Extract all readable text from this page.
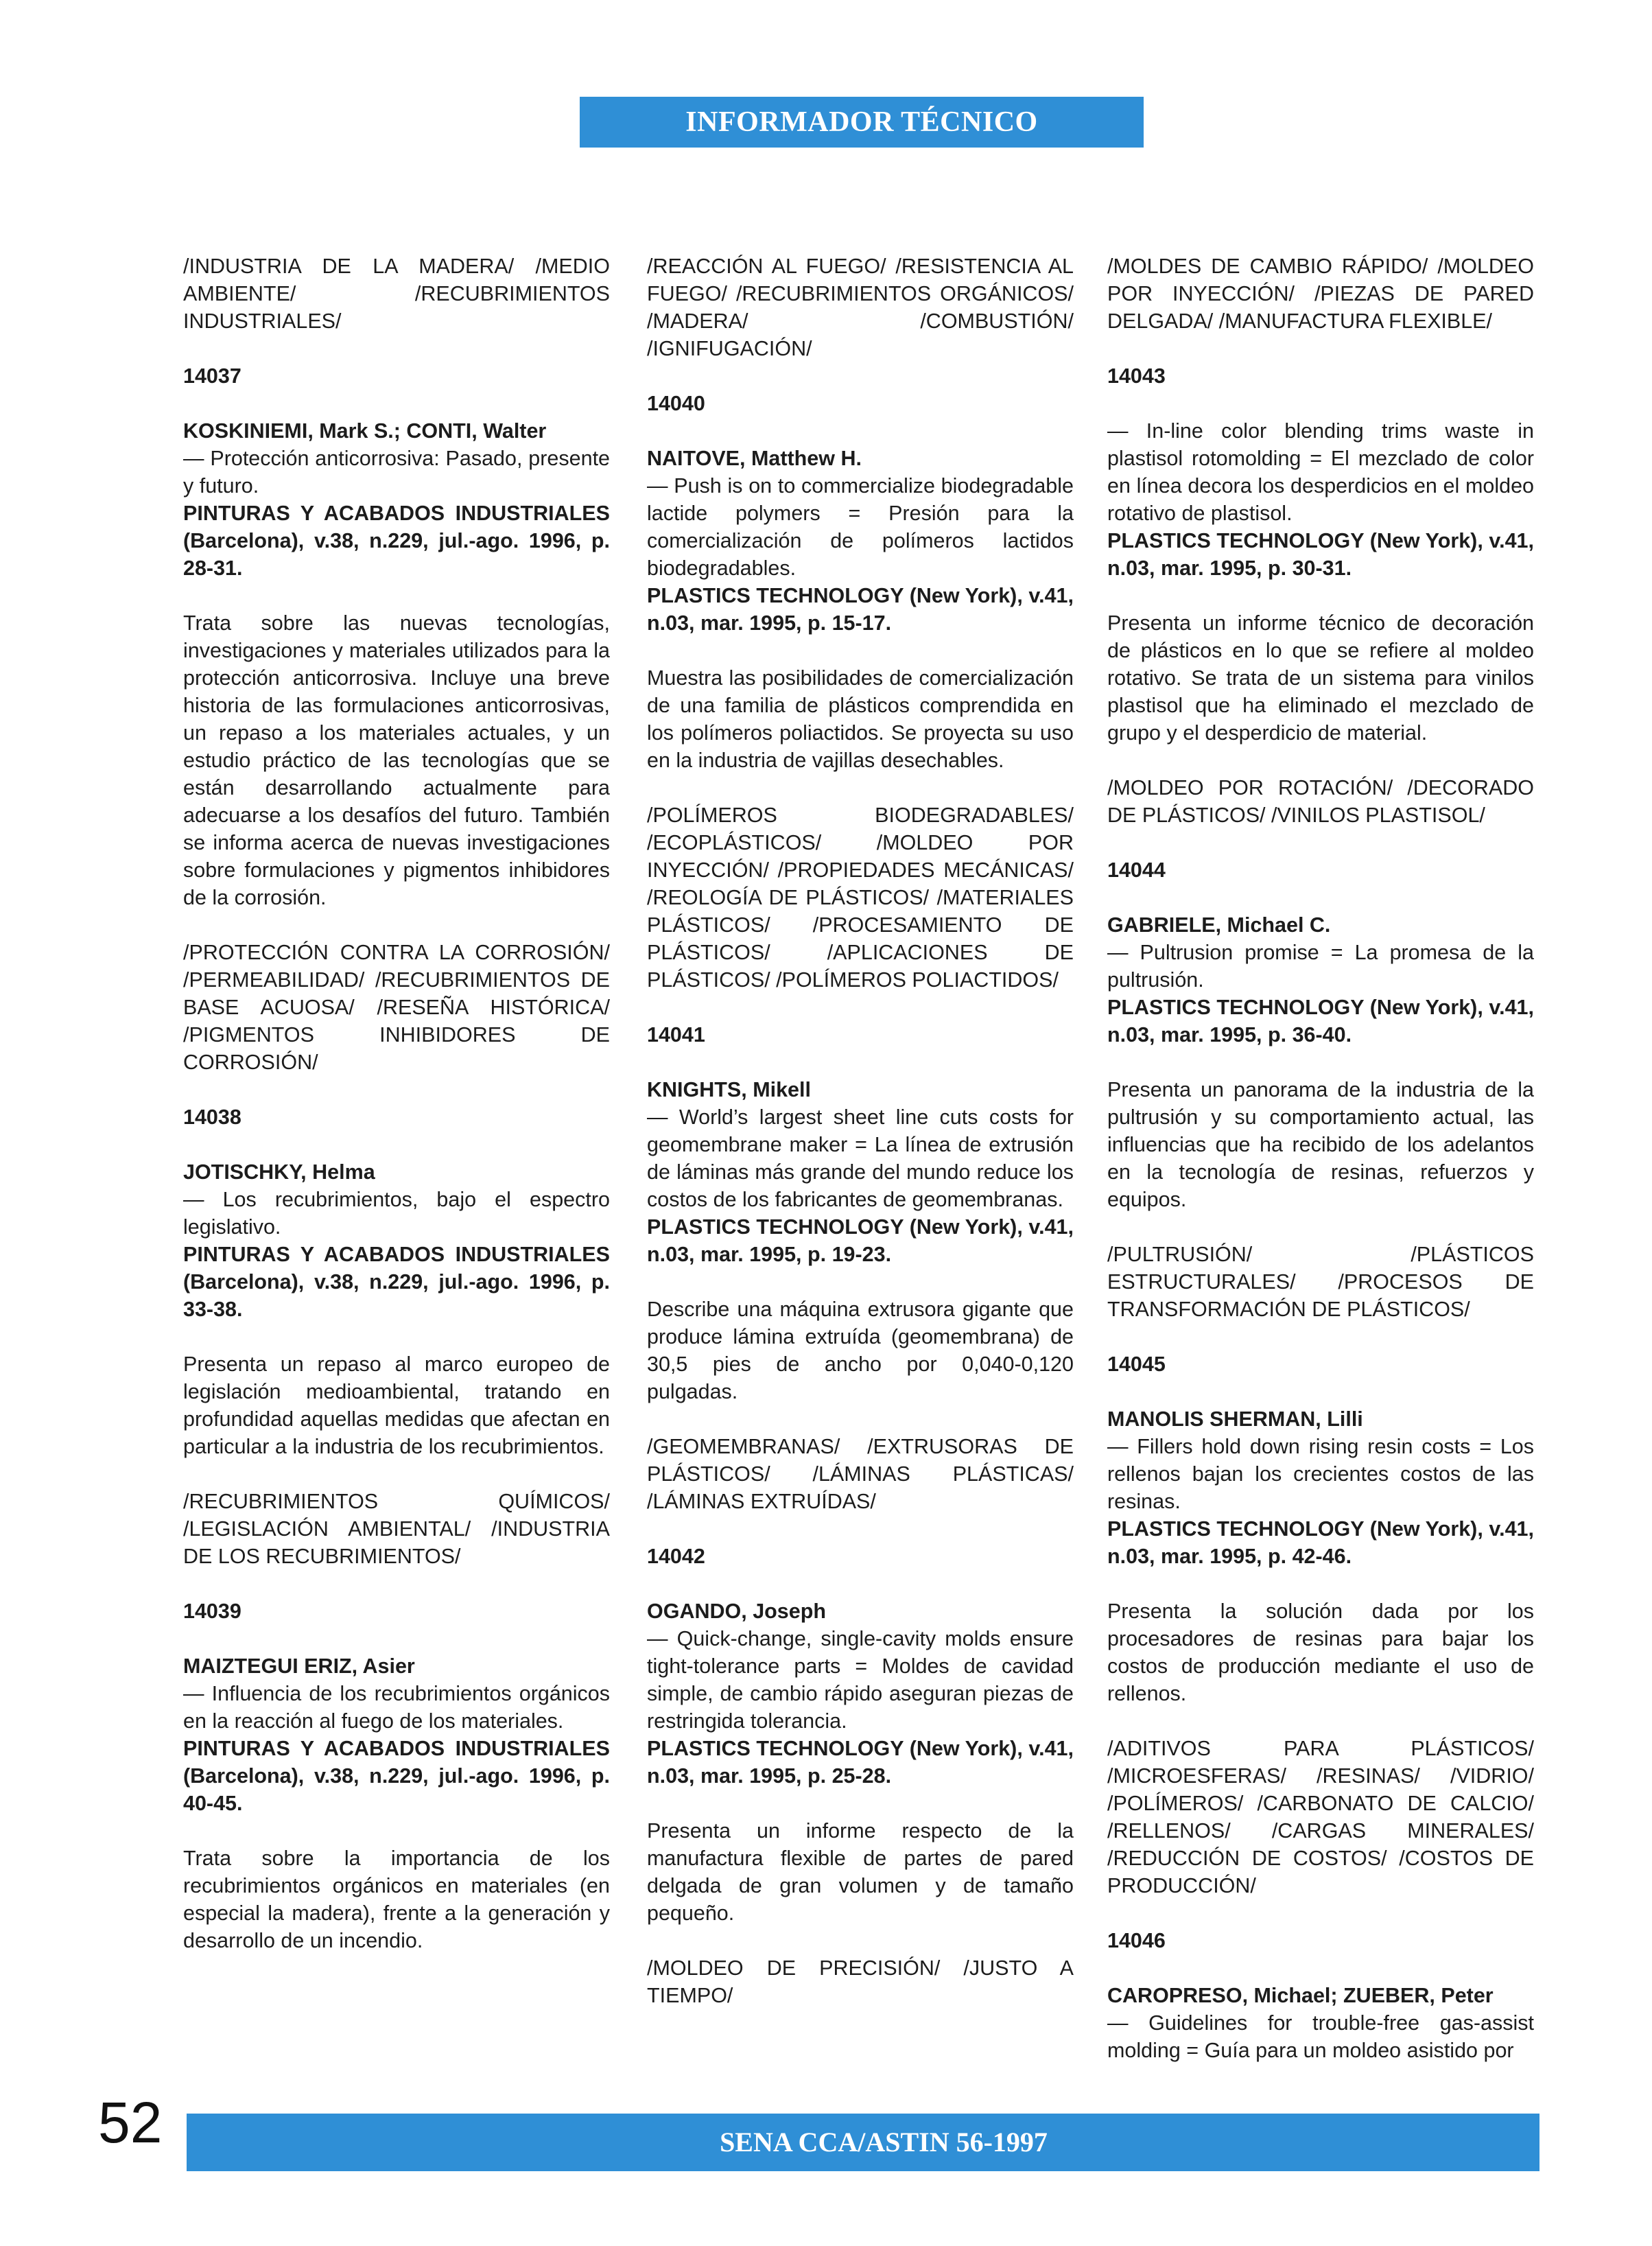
INFORMADOR TÉCNICO

/INDUSTRIA DE LA MADERA/ /MEDIO AMBIENTE/ /RECUBRIMIENTOS INDUSTRIALES/

14037

KOSKINIEMI, Mark S.; CONTI, Walter
— Protección anticorrosiva: Pasado, presente y futuro.
PINTURAS Y ACABADOS INDUSTRIALES (Barcelona), v.38, n.229, jul.-ago. 1996, p. 28-31.

Trata sobre las nuevas tecnologías, investigaciones y materiales utilizados para la protección anticorrosiva. Incluye una breve historia de las formulaciones anticorrosivas, un repaso a los materiales actuales, y un estudio práctico de las tecnologías que se están desarrollando actualmente para adecuarse a los desafíos del futuro. También se informa acerca de nuevas investigaciones sobre formulaciones y pigmentos inhibidores de la corrosión.

/PROTECCIÓN CONTRA LA CORROSIÓN/ /PERMEABILIDAD/ /RECUBRIMIENTOS DE BASE ACUOSA/ /RESEÑA HISTÓRICA/ /PIGMENTOS INHIBIDORES DE CORROSIÓN/

14038

JOTISCHKY, Helma
— Los recubrimientos, bajo el espectro legislativo.
PINTURAS Y ACABADOS INDUSTRIALES (Barcelona), v.38, n.229, jul.-ago. 1996, p. 33-38.

Presenta un repaso al marco europeo de legislación medioambiental, tratando en profundidad aquellas medidas que afectan en particular a la industria de los recubrimientos.

/RECUBRIMIENTOS QUÍMICOS/ /LEGISLACIÓN AMBIENTAL/ /INDUSTRIA DE LOS RECUBRIMIENTOS/

14039

MAIZTEGUI ERIZ, Asier
— Influencia de los recubrimientos orgánicos en la reacción al fuego de los materiales.
PINTURAS Y ACABADOS INDUSTRIALES (Barcelona), v.38, n.229, jul.-ago. 1996, p. 40-45.

Trata sobre la importancia de los recubrimientos orgánicos en materiales (en especial la madera), frente a la generación y desarrollo de un incendio.

/REACCIÓN AL FUEGO/ /RESISTENCIA AL FUEGO/ /RECUBRIMIENTOS ORGÁNICOS/ /MADERA/ /COMBUSTIÓN/ /IGNIFUGACIÓN/

14040

NAITOVE, Matthew H.
— Push is on to commercialize biodegradable lactide polymers = Presión para la comercialización de polímeros lactidos biodegradables.
PLASTICS TECHNOLOGY (New York), v.41, n.03, mar. 1995, p. 15-17.

Muestra las posibilidades de comercialización de una familia de plásticos comprendida en los polímeros poliactidos. Se proyecta su uso en la industria de vajillas desechables.

/POLÍMEROS BIODEGRADABLES/ /ECOPLÁSTICOS/ /MOLDEO POR INYECCIÓN/ /PROPIEDADES MECÁNICAS/ /REOLOGÍA DE PLÁSTICOS/ /MATERIALES PLÁSTICOS/ /PROCESAMIENTO DE PLÁSTICOS/ /APLICACIONES DE PLÁSTICOS/ /POLÍMEROS POLIACTIDOS/

14041

KNIGHTS, Mikell
— World’s largest sheet line cuts costs for geomembrane maker = La línea de extrusión de láminas más grande del mundo reduce los costos de los fabricantes de geomembranas.
PLASTICS TECHNOLOGY (New York), v.41, n.03, mar. 1995, p. 19-23.

Describe una máquina extrusora gigante que produce lámina extruída (geomembrana) de 30,5 pies de ancho por 0,040-0,120 pulgadas.

/GEOMEMBRANAS/ /EXTRUSORAS DE PLÁSTICOS/ /LÁMINAS PLÁSTICAS/ /LÁMINAS EXTRUÍDAS/

14042

OGANDO, Joseph
— Quick-change, single-cavity molds ensure tight-tolerance parts = Moldes de cavidad simple, de cambio rápido aseguran piezas de restringida tolerancia.
PLASTICS TECHNOLOGY (New York), v.41, n.03, mar. 1995, p. 25-28.

Presenta un informe respecto de la manufactura flexible de partes de pared delgada de gran volumen y de tamaño pequeño.

/MOLDEO DE PRECISIÓN/ /JUSTO A TIEMPO/

/MOLDES DE CAMBIO RÁPIDO/ /MOLDEO POR INYECCIÓN/ /PIEZAS DE PARED DELGADA/ /MANUFACTURA FLEXIBLE/

14043

— In-line color blending trims waste in plastisol rotomolding = El mezclado de color en línea decora los desperdicios en el moldeo rotativo de plastisol.
PLASTICS TECHNOLOGY (New York), v.41, n.03, mar. 1995, p. 30-31.

Presenta un informe técnico de decoración de plásticos en lo que se refiere al moldeo rotativo. Se trata de un sistema para vinilos plastisol que ha eliminado el mezclado de grupo y el desperdicio de material.

/MOLDEO POR ROTACIÓN/ /DECORADO DE PLÁSTICOS/ /VINILOS PLASTISOL/

14044

GABRIELE, Michael C.
— Pultrusion promise = La promesa de la pultrusión.
PLASTICS TECHNOLOGY (New York), v.41, n.03, mar. 1995, p. 36-40.

Presenta un panorama de la industria de la pultrusión y su comportamiento actual, las influencias que ha recibido de los adelantos en la tecnología de resinas, refuerzos y equipos.

/PULTRUSIÓN/ /PLÁSTICOS ESTRUCTURALES/ /PROCESOS DE TRANSFORMACIÓN DE PLÁSTICOS/

14045

MANOLIS SHERMAN, Lilli
— Fillers hold down rising resin costs = Los rellenos bajan los crecientes costos de las resinas.
PLASTICS TECHNOLOGY (New York), v.41, n.03, mar. 1995, p. 42-46.

Presenta la solución dada por los procesadores de resinas para bajar los costos de producción mediante el uso de rellenos.

/ADITIVOS PARA PLÁSTICOS/ /MICROESFERAS/ /RESINAS/ /VIDRIO/ /POLÍMEROS/ /CARBONATO DE CALCIO/ /RELLENOS/ /CARGAS MINERALES/ /REDUCCIÓN DE COSTOS/ /COSTOS DE PRODUCCIÓN/

14046

CAROPRESO, Michael; ZUEBER, Peter
— Guidelines for trouble-free gas-assist molding = Guía para un moldeo asistido por
52	SENA CCA/ASTIN 56-1997
